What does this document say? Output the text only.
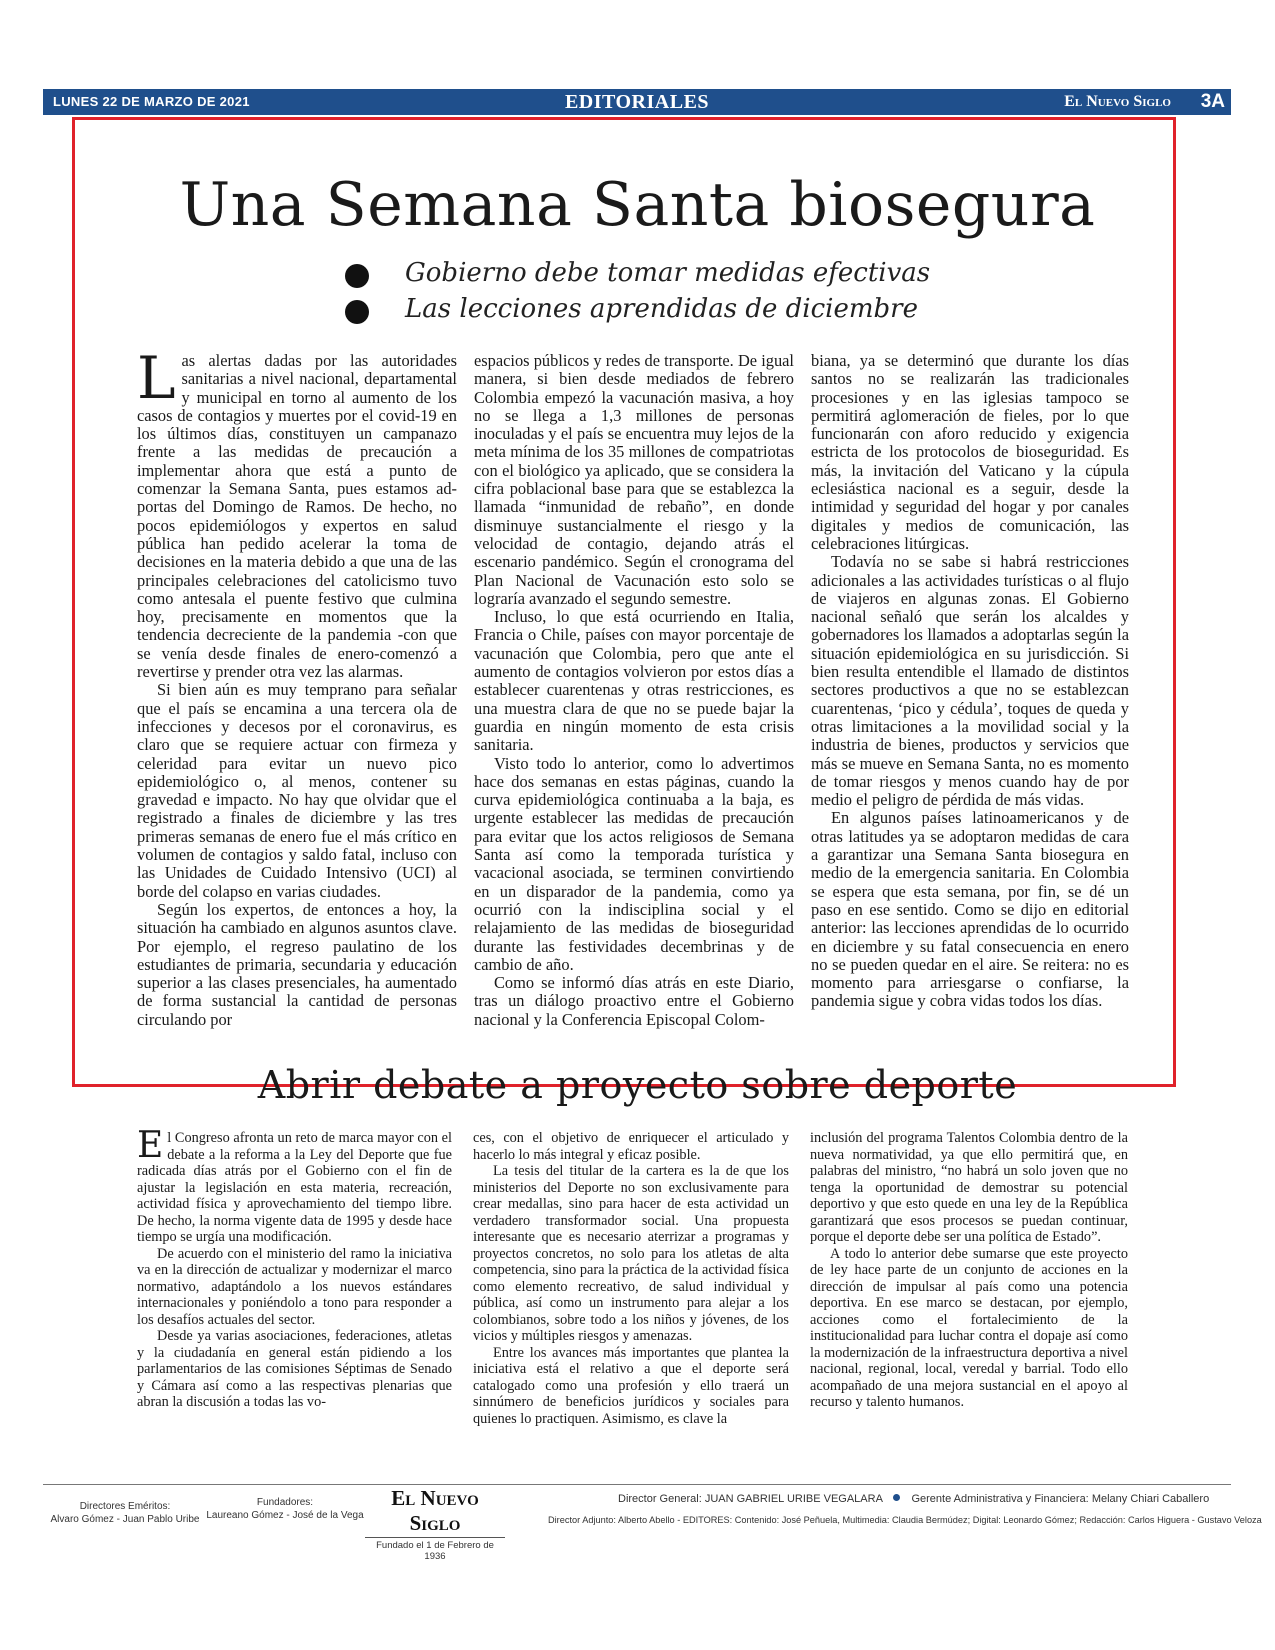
LUNES 22 DE MARZO DE 2021	EDITORIALES	El Nuevo Siglo 3A
Una Semana Santa biosegura
Gobierno debe tomar medidas efectivas
Las lecciones aprendidas de diciembre

Las alertas dadas por las autoridades sanitarias a nivel nacional, departamental y municipal en torno al aumento de los casos de contagios y muertes por el covid-19 en los últimos días, constituyen un campanazo frente a las medidas de precaución a implementar ahora que está a punto de comenzar la Semana Santa, pues estamos ad-portas del Domingo de Ramos. De hecho, no pocos epidemiólogos y expertos en salud pública han pedido acelerar la toma de decisiones en la materia debido a que una de las principales celebraciones del catolicismo tuvo como antesala el puente festivo que culmina hoy, precisamente en momentos que la tendencia decreciente de la pandemia -con que se venía desde finales de enero-comenzó a revertirse y prender otra vez las alarmas.

Si bien aún es muy temprano para señalar que el país se encamina a una tercera ola de infecciones y decesos por el coronavirus, es claro que se requiere actuar con firmeza y celeridad para evitar un nuevo pico epidemiológico o, al menos, contener su gravedad e impacto. No hay que olvidar que el registrado a finales de diciembre y las tres primeras semanas de enero fue el más crítico en volumen de contagios y saldo fatal, incluso con las Unidades de Cuidado Intensivo (UCI) al borde del colapso en varias ciudades.

Según los expertos, de entonces a hoy, la situación ha cambiado en algunos asuntos clave. Por ejemplo, el regreso paulatino de los estudiantes de primaria, secundaria y educación superior a las clases presenciales, ha aumentado de forma sustancial la cantidad de personas circulando por

espacios públicos y redes de transporte. De igual manera, si bien desde mediados de febrero Colombia empezó la vacunación masiva, a hoy no se llega a 1,3 millones de personas inoculadas y el país se encuentra muy lejos de la meta mínima de los 35 millones de compatriotas con el biológico ya aplicado, que se considera la cifra poblacional base para que se establezca la llamada “inmunidad de rebaño”, en donde disminuye sustancialmente el riesgo y la velocidad de contagio, dejando atrás el escenario pandémico. Según el cronograma del Plan Nacional de Vacunación esto solo se lograría avanzado el segundo semestre.

Incluso, lo que está ocurriendo en Italia, Francia o Chile, países con mayor porcentaje de vacunación que Colombia, pero que ante el aumento de contagios volvieron por estos días a establecer cuarentenas y otras restricciones, es una muestra clara de que no se puede bajar la guardia en ningún momento de esta crisis sanitaria.

Visto todo lo anterior, como lo advertimos hace dos semanas en estas páginas, cuando la curva epidemiológica continuaba a la baja, es urgente establecer las medidas de precaución para evitar que los actos religiosos de Semana Santa así como la temporada turística y vacacional asociada, se terminen convirtiendo en un disparador de la pandemia, como ya ocurrió con la indisciplina social y el relajamiento de las medidas de bioseguridad durante las festividades decembrinas y de cambio de año.

Como se informó días atrás en este Diario, tras un diálogo proactivo entre el Gobierno nacional y la Conferencia Episcopal Colom-

biana, ya se determinó que durante los días santos no se realizarán las tradicionales procesiones y en las iglesias tampoco se permitirá aglomeración de fieles, por lo que funcionarán con aforo reducido y exigencia estricta de los protocolos de bioseguridad. Es más, la invitación del Vaticano y la cúpula eclesiástica nacional es a seguir, desde la intimidad y seguridad del hogar y por canales digitales y medios de comunicación, las celebraciones litúrgicas.

Todavía no se sabe si habrá restricciones adicionales a las actividades turísticas o al flujo de viajeros en algunas zonas. El Gobierno nacional señaló que serán los alcaldes y gobernadores los llamados a adoptarlas según la situación epidemiológica en su jurisdicción. Si bien resulta entendible el llamado de distintos sectores productivos a que no se establezcan cuarentenas, ‘pico y cédula’, toques de queda y otras limitaciones a la movilidad social y la industria de bienes, productos y servicios que más se mueve en Semana Santa, no es momento de tomar riesgos y menos cuando hay de por medio el peligro de pérdida de más vidas.

En algunos países latinoamericanos y de otras latitudes ya se adoptaron medidas de cara a garantizar una Semana Santa biosegura en medio de la emergencia sanitaria. En Colombia se espera que esta semana, por fin, se dé un paso en ese sentido. Como se dijo en editorial anterior: las lecciones aprendidas de lo ocurrido en diciembre y su fatal consecuencia en enero no se pueden quedar en el aire. Se reitera: no es momento para arriesgarse o confiarse, la pandemia sigue y cobra vidas todos los días.

Abrir debate a proyecto sobre deporte

El Congreso afronta un reto de marca mayor con el debate a la reforma a la Ley del Deporte que fue radicada días atrás por el Gobierno con el fin de ajustar la legislación en esta materia, recreación, actividad física y aprovechamiento del tiempo libre. De hecho, la norma vigente data de 1995 y desde hace tiempo se urgía una modificación.

De acuerdo con el ministerio del ramo la iniciativa va en la dirección de actualizar y modernizar el marco normativo, adaptándolo a los nuevos estándares internacionales y poniéndolo a tono para responder a los desafíos actuales del sector.

Desde ya varias asociaciones, federaciones, atletas y la ciudadanía en general están pidiendo a los parlamentarios de las comisiones Séptimas de Senado y Cámara así como a las respectivas plenarias que abran la discusión a todas las vo-

ces, con el objetivo de enriquecer el articulado y hacerlo lo más integral y eficaz posible.

La tesis del titular de la cartera es la de que los ministerios del Deporte no son exclusivamente para crear medallas, sino para hacer de esta actividad un verdadero transformador social. Una propuesta interesante que es necesario aterrizar a programas y proyectos concretos, no solo para los atletas de alta competencia, sino para la práctica de la actividad física como elemento recreativo, de salud individual y pública, así como un instrumento para alejar a los colombianos, sobre todo a los niños y jóvenes, de los vicios y múltiples riesgos y amenazas.

Entre los avances más importantes que plantea la iniciativa está el relativo a que el deporte será catalogado como una profesión y ello traerá un sinnúmero de beneficios jurídicos y sociales para quienes lo practiquen. Asimismo, es clave la

inclusión del programa Talentos Colombia dentro de la nueva normatividad, ya que ello permitirá que, en palabras del ministro, “no habrá un solo joven que no tenga la oportunidad de demostrar su potencial deportivo y que esto quede en una ley de la República garantizará que esos procesos se puedan continuar, porque el deporte debe ser una política de Estado”.

A todo lo anterior debe sumarse que este proyecto de ley hace parte de un conjunto de acciones en la dirección de impulsar al país como una potencia deportiva. En ese marco se destacan, por ejemplo, acciones como el fortalecimiento de la institucionalidad para luchar contra el dopaje así como la modernización de la infraestructura deportiva a nivel nacional, regional, local, veredal y barrial. Todo ello acompañado de una mejora sustancial en el apoyo al recurso y talento humanos.

Directores Eméritos:
Alvaro Gómez - Juan Pablo Uribe
Fundadores:
Laureano Gómez - José de la Vega
El Nuevo Siglo
Fundado el 1 de Febrero de 1936
Director General: JUAN GABRIEL URIBE VEGALARA	Gerente Administrativa y Financiera: Melany Chiari Caballero
Director Adjunto: Alberto Abello - EDITORES: Contenido: José Peñuela, Multimedia: Claudia Bermúdez; Digital: Leonardo Gómez; Redacción: Carlos Higuera - Gustavo Veloza
